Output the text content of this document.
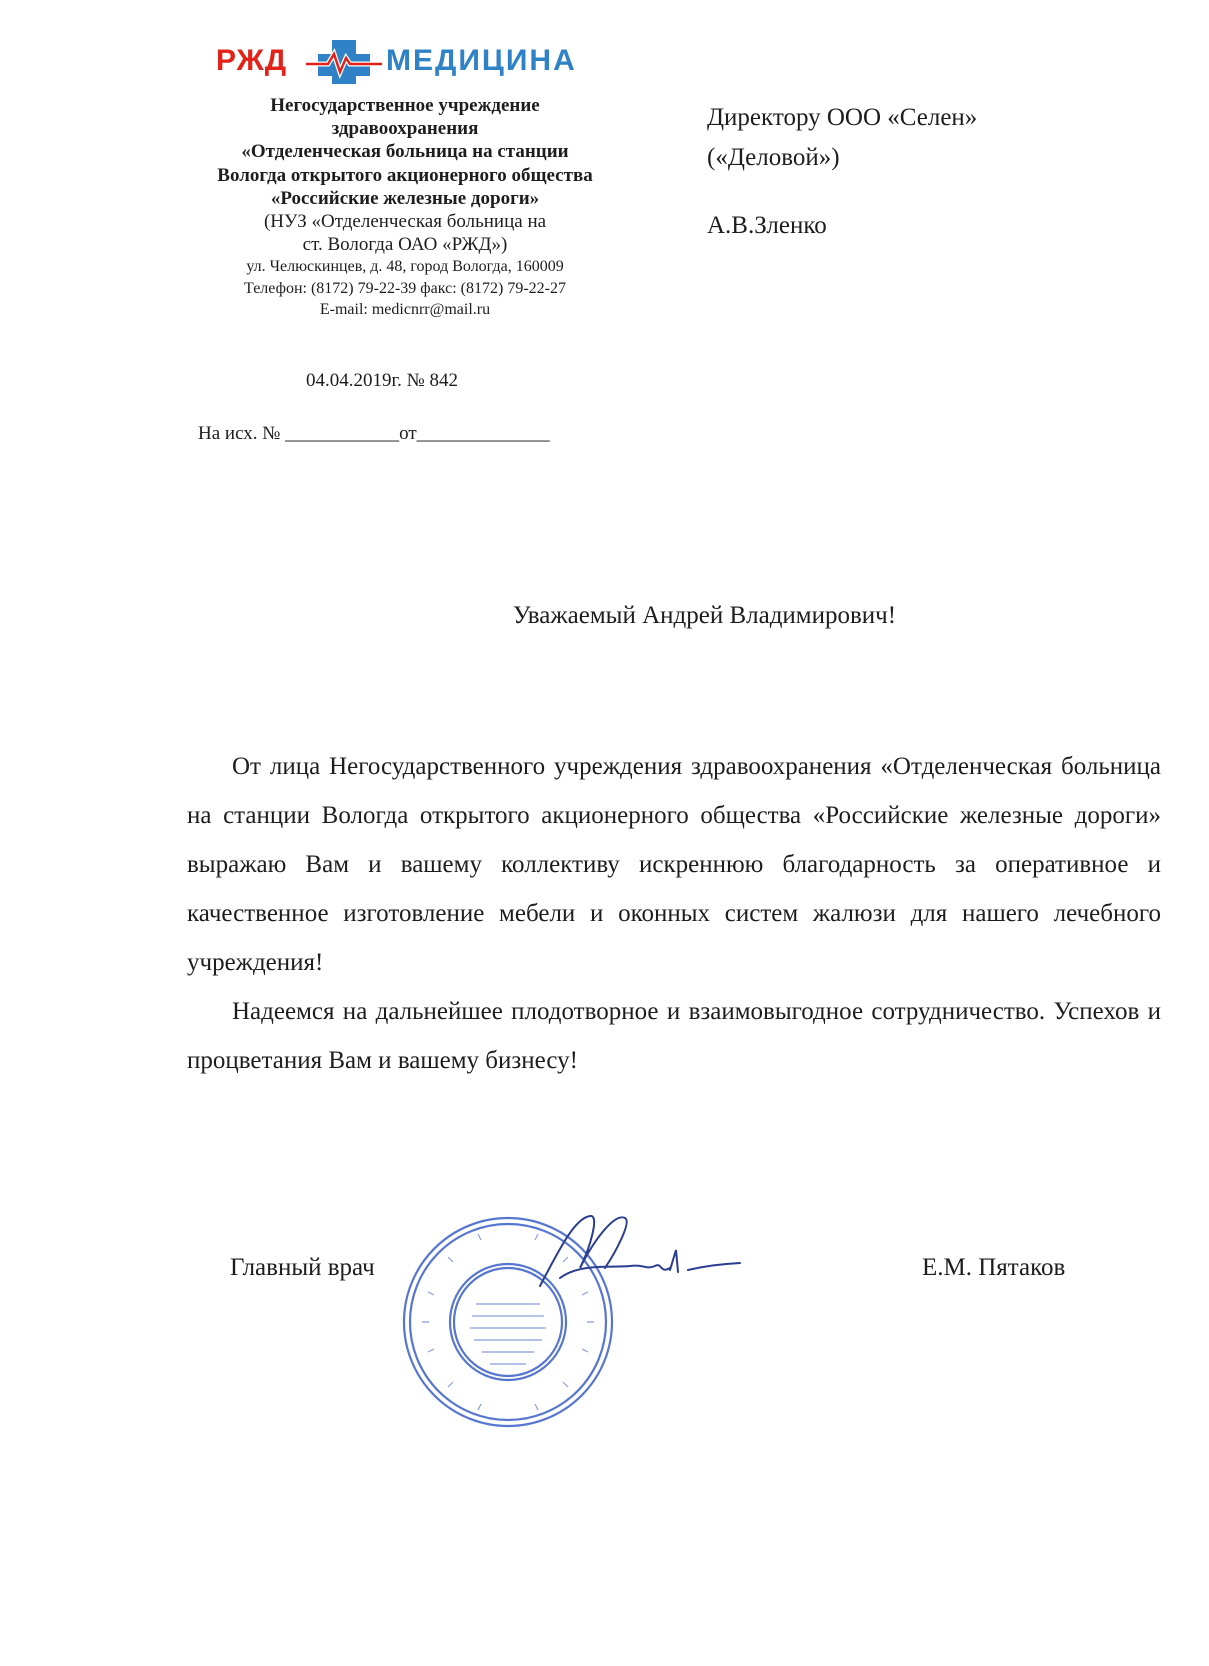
РЖД	МЕДИЦИНА
Негосударственное учреждение
здравоохранения
«Отделенческая больница на станции
Вологда открытого акционерного общества
«Российские железные дороги»
(НУЗ «Отделенческая больница на
ст. Вологда ОАО «РЖД»)
ул. Челюскинцев, д. 48, город Вологда, 160009
Телефон: (8172) 79-22-39 факс: (8172) 79-22-27
E-mail: medicnrr@mail.ru
04.04.2019г. № 842
На исх. № ____________от______________
Директору ООО «Селен»
(«Деловой»)
А.В.Зленко
Уважаемый Андрей Владимирович!

От лица Негосударственного учреждения здравоохранения «Отделенческая больница на станции Вологда открытого акционерного общества «Российские железные дороги» выражаю Вам и вашему коллективу искреннюю благодарность за оперативное и качественное изготовление мебели и оконных систем жалюзи для нашего лечебного учреждения!

Надеемся на дальнейшее плодотворное и взаимовыгодное сотрудничество. Успехов и процветания Вам и вашему бизнесу!

Главный врач	Е.М. Пятаков
